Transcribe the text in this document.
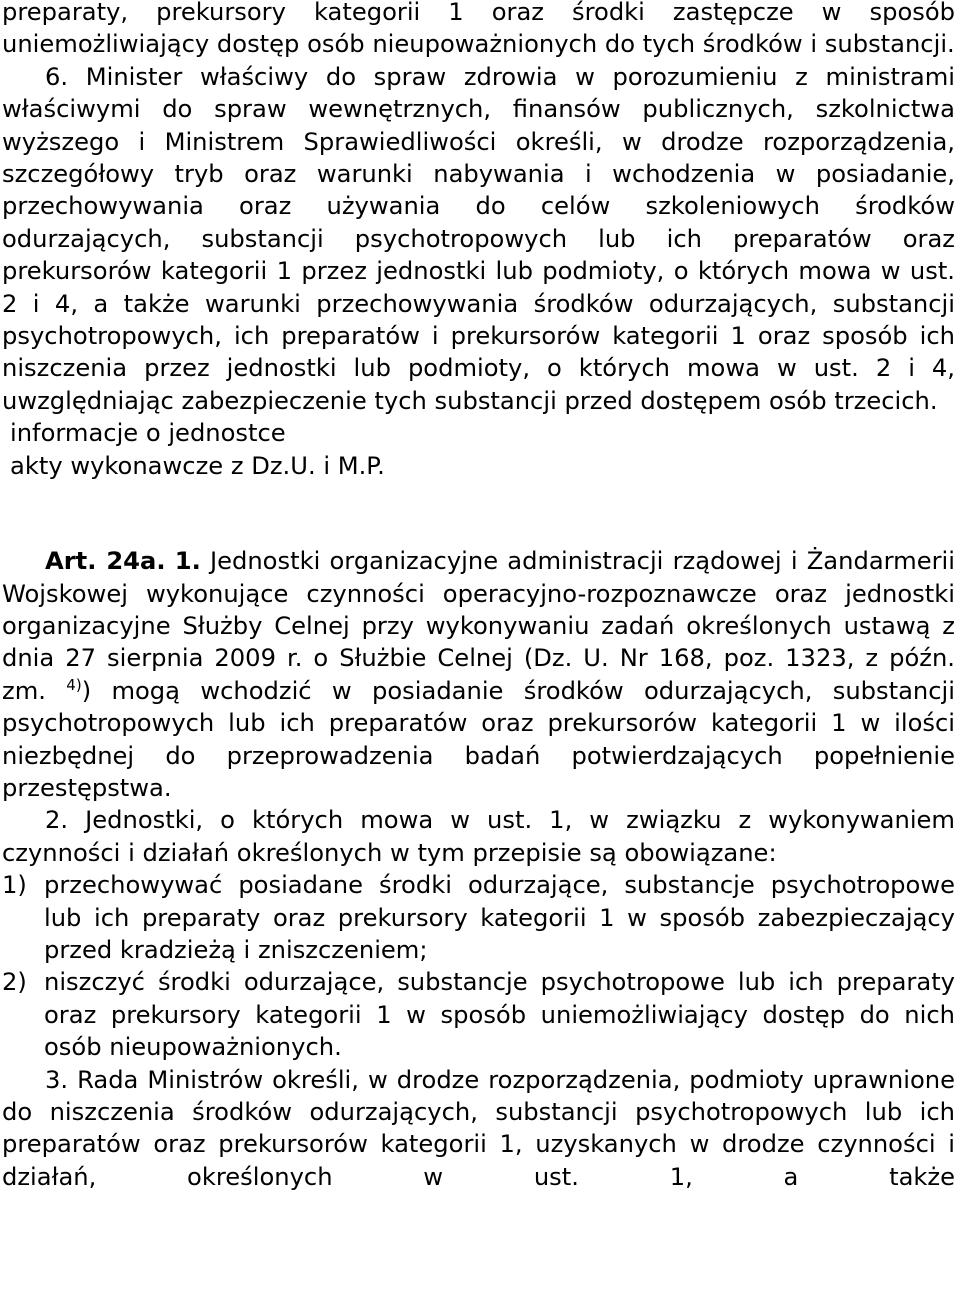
preparaty, prekursory kategorii 1 oraz środki zastępcze w sposób uniemożliwiający dostęp osób nieupoważnionych do tych środków i substancji.

6. Minister właściwy do spraw zdrowia w porozumieniu z ministrami właściwymi do spraw wewnętrznych, finansów publicznych, szkolnictwa wyższego i Ministrem Sprawiedliwości określi, w drodze rozporządzenia, szczegółowy tryb oraz warunki nabywania i wchodzenia w posiadanie, przechowywania oraz używania do celów szkoleniowych środków odurzających, substancji psychotropowych lub ich preparatów oraz prekursorów kategorii 1 przez jednostki lub podmioty, o których mowa w ust. 2 i 4, a także warunki przechowywania środków odurzających, substancji psychotropowych, ich preparatów i prekursorów kategorii 1 oraz sposób ich niszczenia przez jednostki lub podmioty, o których mowa w ust. 2 i 4, uwzględniając zabezpieczenie tych substancji przed dostępem osób trzecich.

informacje o jednostce

akty wykonawcze z Dz.U. i M.P.

Art. 24a. 1. Jednostki organizacyjne administracji rządowej i Żandarmerii Wojskowej wykonujące czynności operacyjno-rozpoznawcze oraz jednostki organizacyjne Służby Celnej przy wykonywaniu zadań określonych ustawą z dnia 27 sierpnia 2009 r. o Służbie Celnej (Dz. U. Nr 168, poz. 1323, z późn. zm. $^{4)}$) mogą wchodzić w posiadanie środków odurzających, substancji psychotropowych lub ich preparatów oraz prekursorów kategorii 1 w ilości niezbędnej do przeprowadzenia badań potwierdzających popełnienie przestępstwa.

2. Jednostki, o których mowa w ust. 1, w związku z wykonywaniem czynności i działań określonych w tym przepisie są obowiązane:

1) przechowywać posiadane środki odurzające, substancje psychotropowe lub ich preparaty oraz prekursory kategorii 1 w sposób zabezpieczający przed kradzieżą i zniszczeniem;
2) niszczyć środki odurzające, substancje psychotropowe lub ich preparaty oraz prekursory kategorii 1 w sposób uniemożliwiający dostęp do nich osób nieupoważnionych.

3. Rada Ministrów określi, w drodze rozporządzenia, podmioty uprawnione do niszczenia środków odurzających, substancji psychotropowych lub ich preparatów oraz prekursorów kategorii 1, uzyskanych w drodze czynności i działań, określonych w ust. 1, a także
